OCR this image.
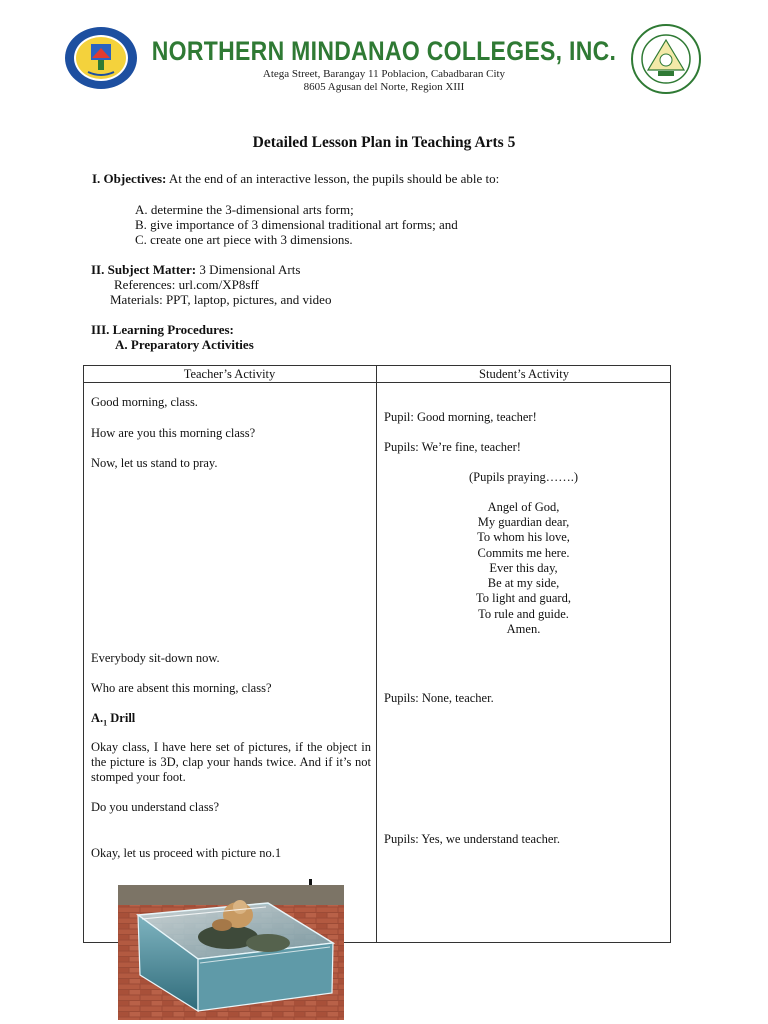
NORTHERN MINDANAO COLLEGES, INC.
Atega Street, Barangay 11 Poblacion, Cabadbaran City
8605 Agusan del Norte, Region XIII
Detailed Lesson Plan in Teaching Arts 5
I. Objectives: At the end of an interactive lesson, the pupils should be able to:
A. determine the 3-dimensional arts form;
B. give importance of 3 dimensional traditional art forms; and
C. create one art piece with 3 dimensions.
II. Subject Matter: 3 Dimensional Arts
References: url.com/XP8sff
Materials: PPT, laptop, pictures, and video
III. Learning Procedures:
A. Preparatory Activities
Teacher’s Activity	Student’s Activity
Good morning, class.
How are you this morning class?
Now, let us stand to pray.
Everybody sit-down now.
Who are absent this morning, class?
$A._1$ Drill
Okay class, I have here set of pictures, if the object in the picture is 3D, clap your hands twice. And if it’s not stomped your foot.
Do you understand class?
Okay, let us proceed with picture no.1
Pupil: Good morning, teacher!
Pupils: We’re fine, teacher!
(Pupils praying…….)
Angel of God,
My guardian dear,
To whom his love,
Commits me here.
Ever this day,
Be at my side,
To light and guard,
To rule and guide.
Amen.
Pupils: None, teacher.
Pupils: Yes, we understand teacher.
